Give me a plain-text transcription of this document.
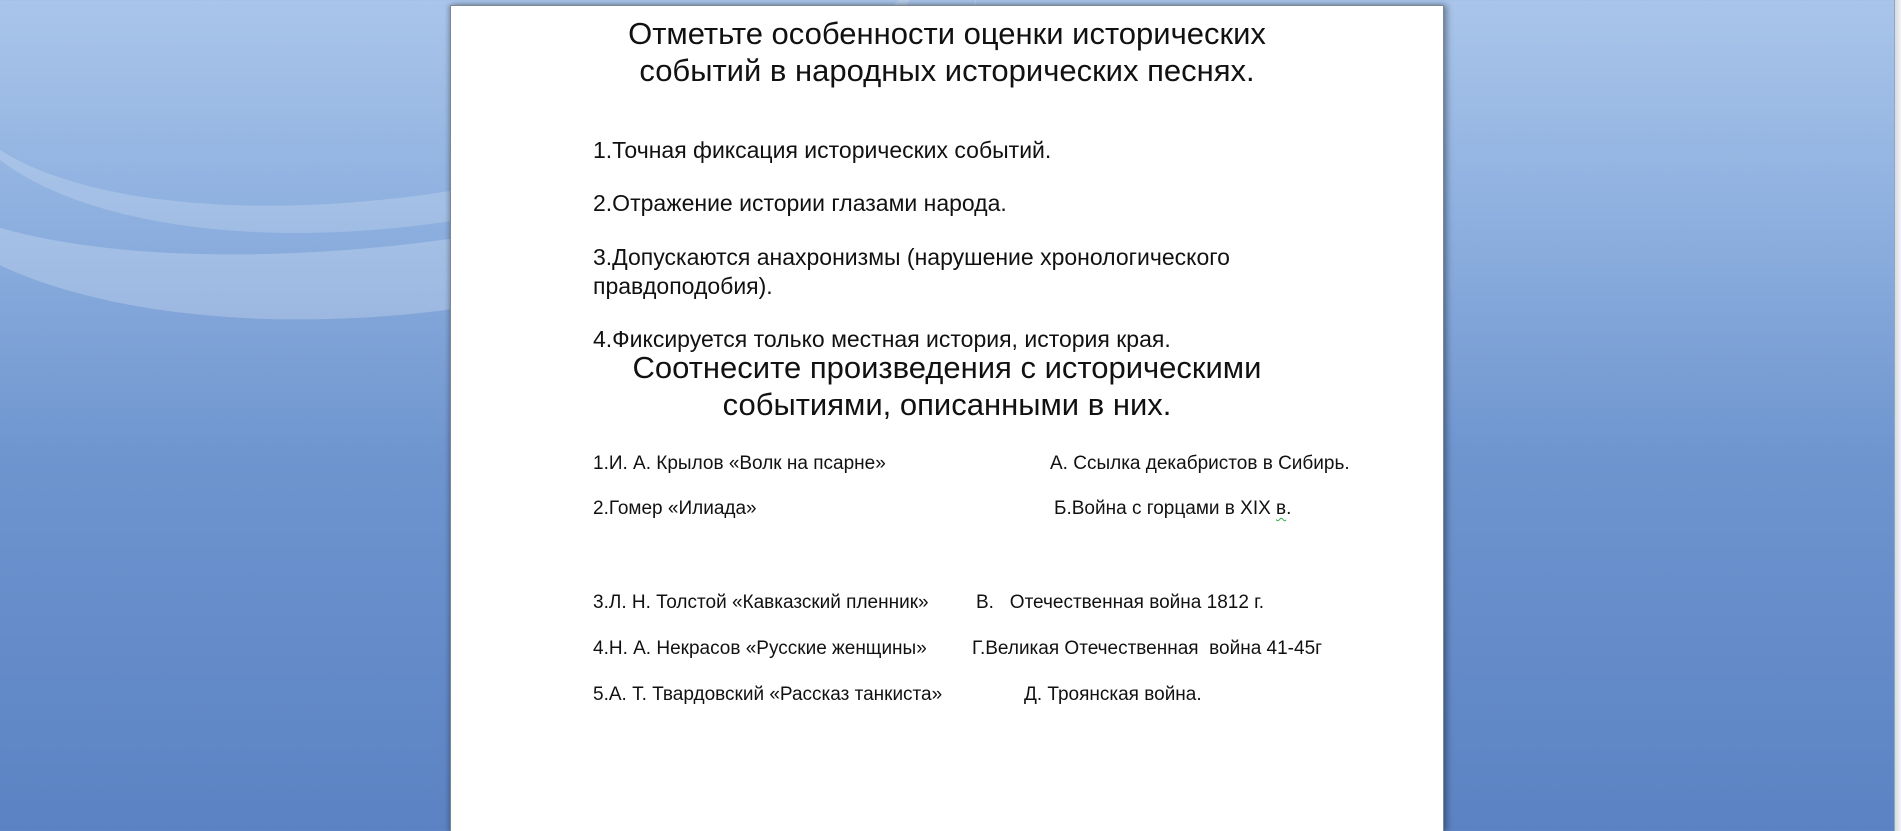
Отметьте особенности оценки исторических
событий в народных исторических песнях.
1.Точная фиксация исторических событий.
2.Отражение истории глазами народа.
3.Допускаются анахронизмы (нарушение хронологического
правдоподобия).
4.Фиксируется только местная история, история края.
Соотнесите произведения с историческими
событиями, описанными в них.
1.И. А. Крылов «Волк на псарне»	А. Ссылка декабристов в Сибирь.
2.Гомер «Илиада»	Б.Война с горцами в XIX в.
3.Л. Н. Толстой «Кавказский пленник» В.   Отечественная война 1812 г.
4.Н. А. Некрасов «Русские женщины» Г.Великая Отечественная  война 41-45г
5.А. Т. Твардовский «Рассказ танкиста»	Д. Троянская война.
